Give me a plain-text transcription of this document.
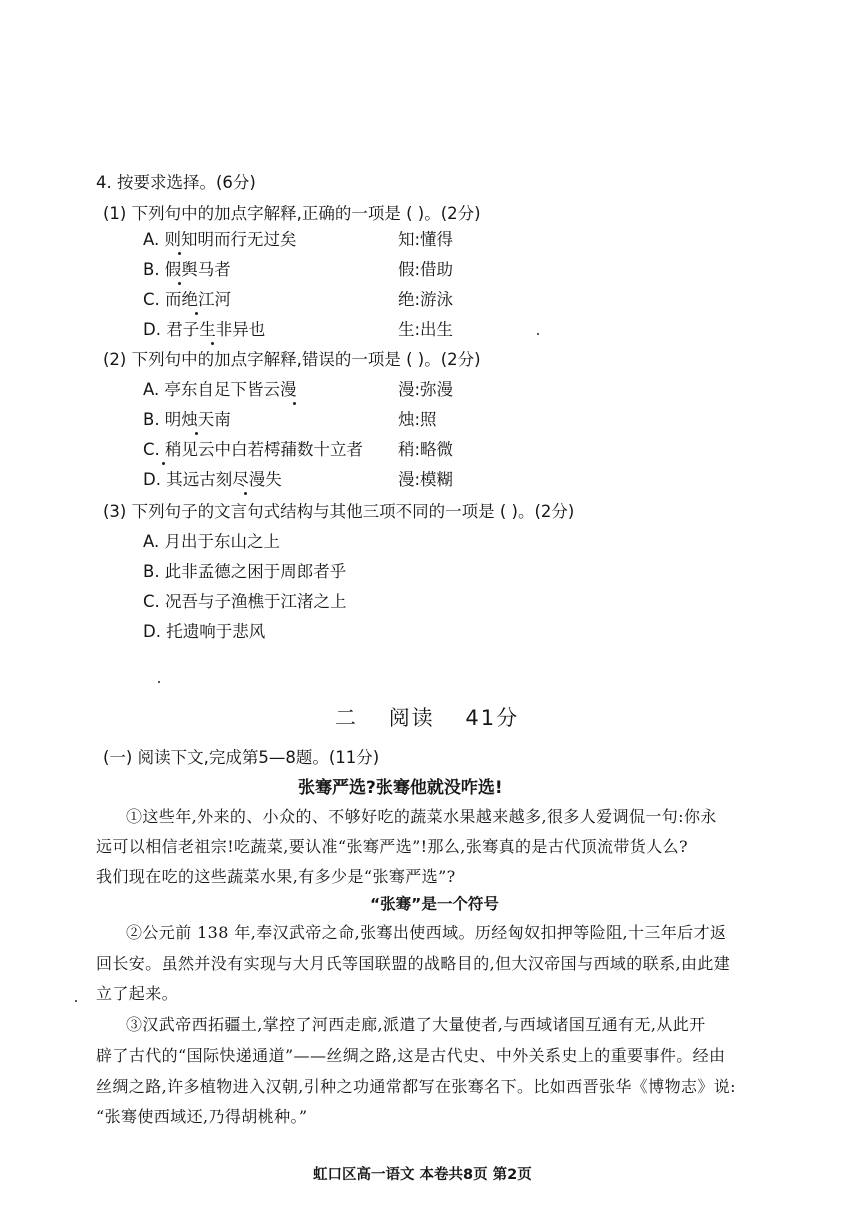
4. 按要求选择。(6分)
(1) 下列句中的加点字解释,正确的一项是 ( )。(2分)
A. 则知明而行无过矣	知:懂得
B. 假舆马者	假:借助
C. 而绝江河	绝:游泳
D. 君子生非异也	生:出生
(2) 下列句中的加点字解释,错误的一项是 ( )。(2分)
A. 亭东自足下皆云漫	漫:弥漫
B. 明烛天南	烛:照
C. 稍见云中白若樗蒱数十立者 稍:略微
D. 其远古刻尽漫失	漫:模糊
(3) 下列句子的文言句式结构与其他三项不同的一项是 ( )。(2分)
A. 月出于东山之上
B. 此非孟德之困于周郎者乎
C. 况吾与子渔樵于江渚之上
D. 托遗响于悲风
二 阅读 41分
(一) 阅读下文,完成第5—8题。(11分)
张骞严选?张骞他就没咋选!
①这些年,外来的、小众的、不够好吃的蔬菜水果越来越多,很多人爱调侃一句:你永
远可以相信老祖宗!吃蔬菜,要认准“张骞严选”!那么,张骞真的是古代顶流带货人么?
我们现在吃的这些蔬菜水果,有多少是“张骞严选”?
“张骞”是一个符号
②公元前 138 年,奉汉武帝之命,张骞出使西域。历经匈奴扣押等险阻,十三年后才返
回长安。虽然并没有实现与大月氏等国联盟的战略目的,但大汉帝国与西域的联系,由此建
立了起来。
③汉武帝西拓疆土,掌控了河西走廊,派遣了大量使者,与西域诸国互通有无,从此开
辟了古代的“国际快递通道”——丝绸之路,这是古代史、中外关系史上的重要事件。经由
丝绸之路,许多植物进入汉朝,引种之功通常都写在张骞名下。比如西晋张华《博物志》说:
“张骞使西域还,乃得胡桃种。”
虹口区高一语文 本卷共8页 第2页
